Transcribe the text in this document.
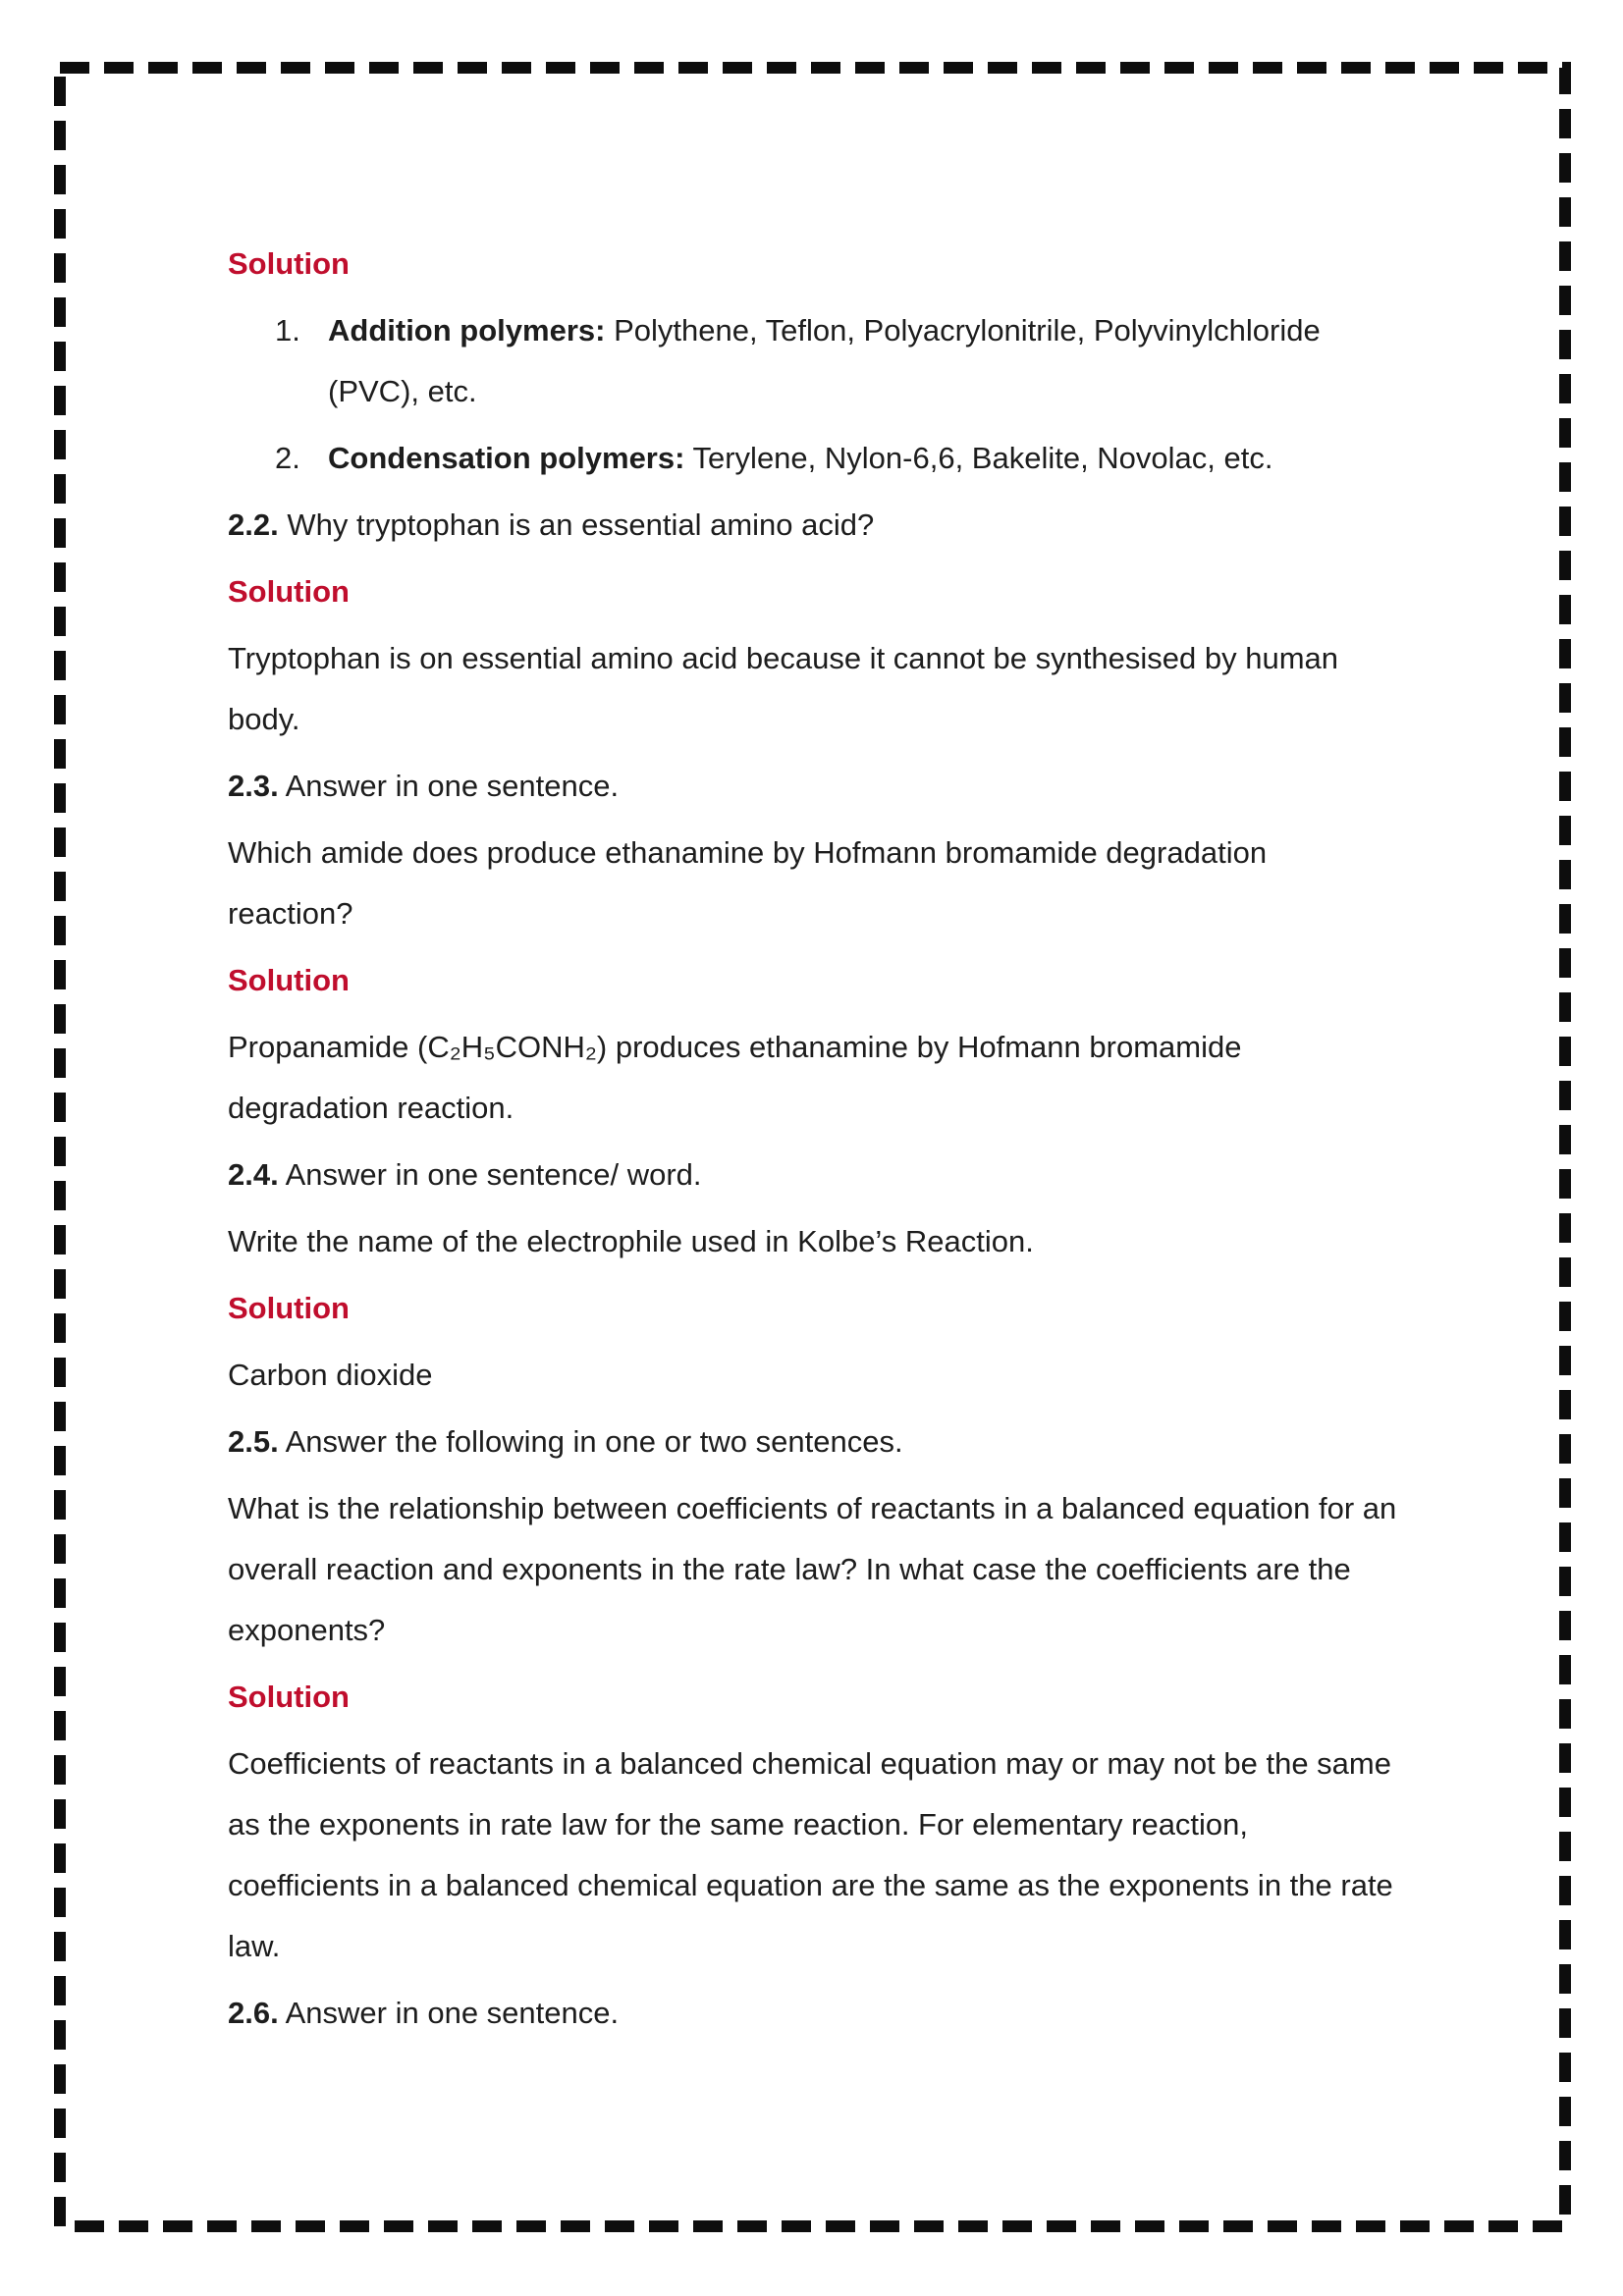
Solution
1. Addition polymers: Polythene, Teflon, Polyacrylonitrile, Polyvinylchloride (PVC), etc.
2. Condensation polymers: Terylene, Nylon-6,6, Bakelite, Novolac, etc.

2.2. Why tryptophan is an essential amino acid?

Solution

Tryptophan is on essential amino acid because it cannot be synthesised by human body.

2.3. Answer in one sentence.

Which amide does produce ethanamine by Hofmann bromamide degradation reaction?

Solution

Propanamide (C₂H₅CONH₂) produces ethanamine by Hofmann bromamide degradation reaction.

2.4. Answer in one sentence/ word.

Write the name of the electrophile used in Kolbe’s Reaction.

Solution

Carbon dioxide

2.5. Answer the following in one or two sentences.

What is the relationship between coefficients of reactants in a balanced equation for an overall reaction and exponents in the rate law? In what case the coefficients are the exponents?

Solution

Coefficients of reactants in a balanced chemical equation may or may not be the same as the exponents in rate law for the same reaction. For elementary reaction, coefficients in a balanced chemical equation are the same as the exponents in the rate law.

2.6. Answer in one sentence.
